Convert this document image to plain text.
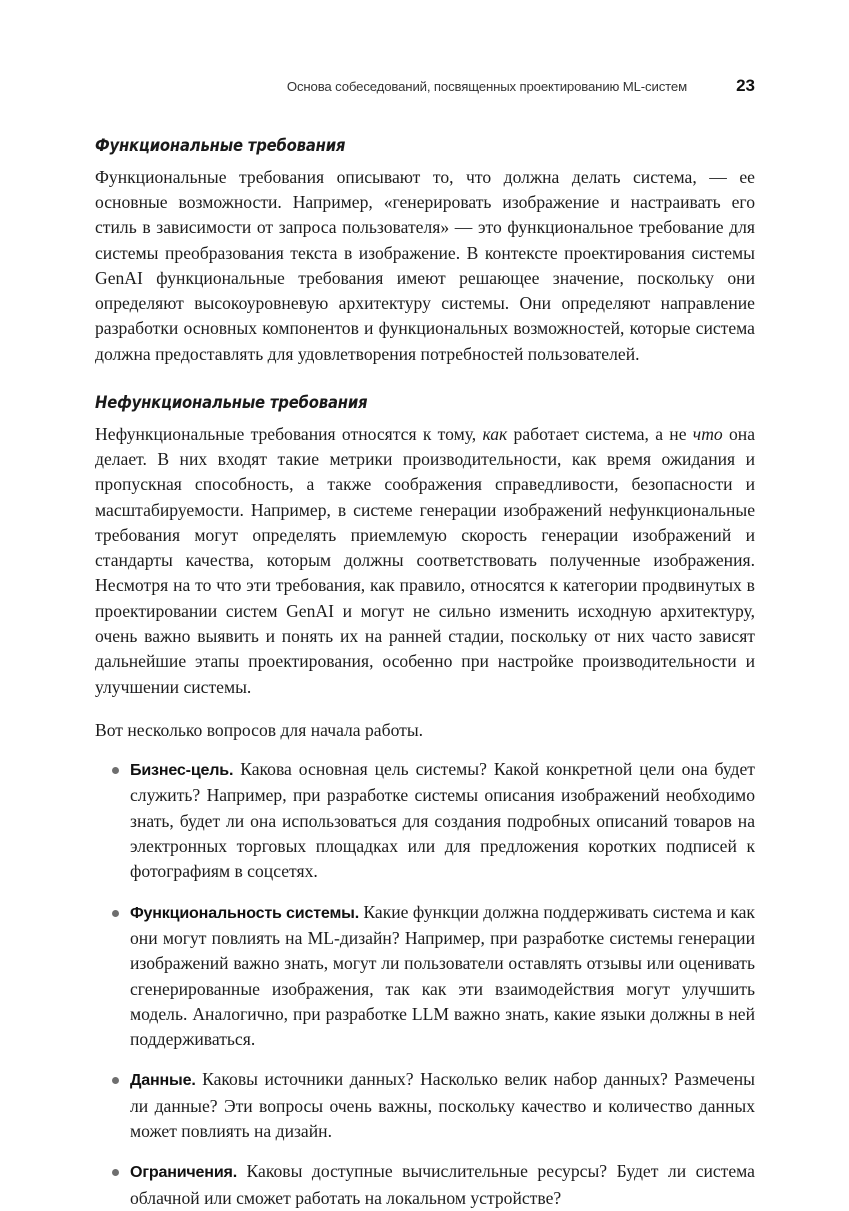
Основа собеседований, посвященных проектированию ML-систем	23
Функциональные требования

Функциональные требования описывают то, что должна делать система, — ее основные возможности. Например, «генерировать изображение и настраивать его стиль в зависимости от запроса пользователя» — это функциональное требование для системы преобразования текста в изображение. В контексте проектирования системы GenAI функциональные требования имеют решающее значение, поскольку они определяют высокоуровневую архитектуру системы. Они определяют направление разработки основных компонентов и функциональных возможностей, которые система должна предоставлять для удовлетворения потребностей пользователей.

Нефункциональные требования

Нефункциональные требования относятся к тому, как работает система, а не что она делает. В них входят такие метрики производительности, как время ожидания и пропускная способность, а также соображения справедливости, безопасности и масштабируемости. Например, в системе генерации изображений нефункциональные требования могут определять приемлемую скорость генерации изображений и стандарты качества, которым должны соответствовать полученные изображения. Несмотря на то что эти требования, как правило, относятся к категории продвинутых в проектировании систем GenAI и могут не сильно изменить исходную архитектуру, очень важно выявить и понять их на ранней стадии, поскольку от них часто зависят дальнейшие этапы проектирования, особенно при настройке производительности и улучшении системы.

Вот несколько вопросов для начала работы.

Бизнес-цель. Какова основная цель системы? Какой конкретной цели она будет служить? Например, при разработке системы описания изображений необходимо знать, будет ли она использоваться для создания подробных описаний товаров на электронных торговых площадках или для предложения коротких подписей к фотографиям в соцсетях.
Функциональность системы. Какие функции должна поддерживать система и как они могут повлиять на ML-дизайн? Например, при разработке системы генерации изображений важно знать, могут ли пользователи оставлять отзывы или оценивать сгенерированные изображения, так как эти взаимодействия могут улучшить модель. Аналогично, при разработке LLM важно знать, какие языки должны в ней поддерживаться.
Данные. Каковы источники данных? Насколько велик набор данных? Размечены ли данные? Эти вопросы очень важны, поскольку качество и количество данных может повлиять на дизайн.
Ограничения. Каковы доступные вычислительные ресурсы? Будет ли система облачной или сможет работать на локальном устройстве?
